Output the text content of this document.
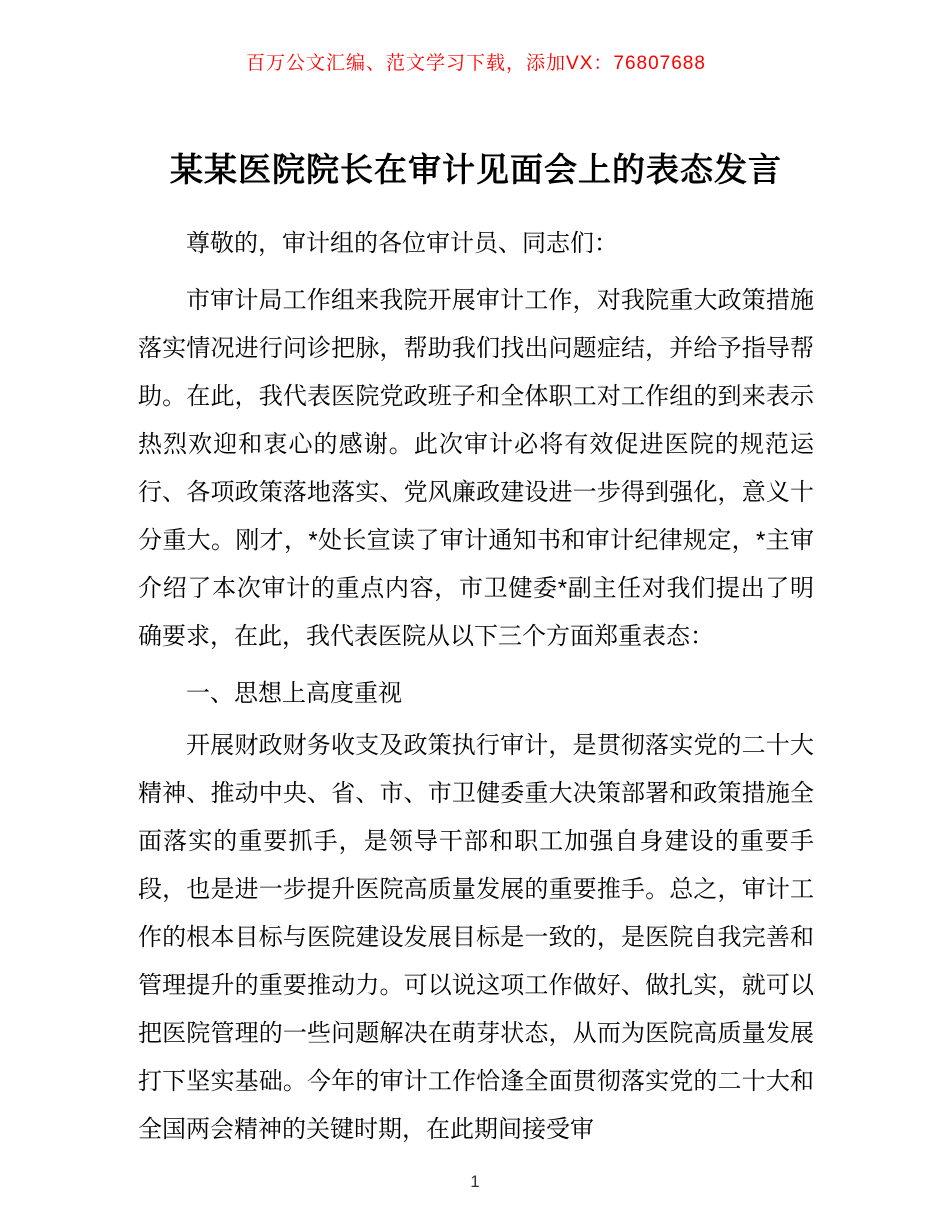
百万公文汇编、范文学习下载，添加VX：76807688
某某医院院长在审计见面会上的表态发言

尊敬的，审计组的各位审计员、同志们：

市审计局工作组来我院开展审计工作，对我院重大政策措施落实情况进行问诊把脉，帮助我们找出问题症结，并给予指导帮助。在此，我代表医院党政班子和全体职工对工作组的到来表示热烈欢迎和衷心的感谢。此次审计必将有效促进医院的规范运行、各项政策落地落实、党风廉政建设进一步得到强化，意义十分重大。刚才，*处长宣读了审计通知书和审计纪律规定，*主审介绍了本次审计的重点内容，市卫健委*副主任对我们提出了明确要求，在此，我代表医院从以下三个方面郑重表态：

一、思想上高度重视

开展财政财务收支及政策执行审计，是贯彻落实党的二十大精神、推动中央、省、市、市卫健委重大决策部署和政策措施全面落实的重要抓手，是领导干部和职工加强自身建设的重要手段，也是进一步提升医院高质量发展的重要推手。总之，审计工作的根本目标与医院建设发展目标是一致的，是医院自我完善和管理提升的重要推动力。可以说这项工作做好、做扎实，就可以把医院管理的一些问题解决在萌芽状态，从而为医院高质量发展打下坚实基础。今年的审计工作恰逢全面贯彻落实党的二十大和全国两会精神的关键时期，在此期间接受审

1
